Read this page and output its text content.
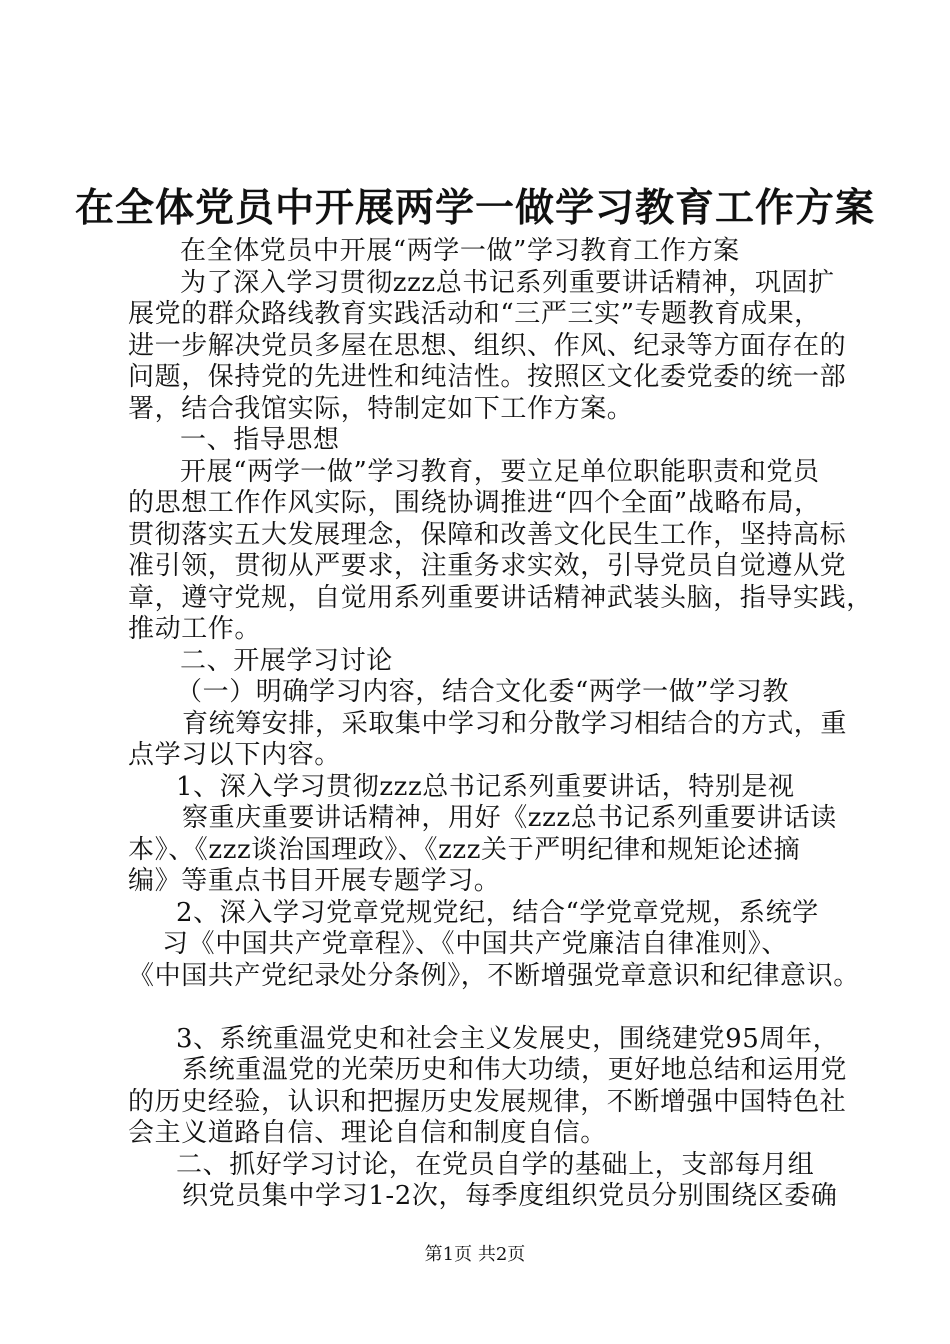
在全体党员中开展两学一做学习教育工作方案
在全体党员中开展“两学一做”学习教育工作方案
为了深入学习贯彻zzz总书记系列重要讲话精神，巩固扩
展党的群众路线教育实践活动和“三严三实”专题教育成果，
进一步解决党员多屋在思想、组织、作风、纪录等方面存在的
问题，保持党的先进性和纯洁性。按照区文化委党委的统一部
署，结合我馆实际，特制定如下工作方案。
一、指导思想
开展“两学一做”学习教育，要立足单位职能职责和党员
的思想工作作风实际，围绕协调推进“四个全面”战略布局，
贯彻落实五大发展理念，保障和改善文化民生工作，坚持高标
准引领，贯彻从严要求，注重务求实效，引导党员自觉遵从党
章，遵守党规，自觉用系列重要讲话精神武装头脑，指导实践，
推动工作。
二、开展学习讨论
（一）明确学习内容，结合文化委“两学一做”学习教
育统筹安排，采取集中学习和分散学习相结合的方式，重
点学习以下内容。
1、深入学习贯彻zzz总书记系列重要讲话，特别是视
察重庆重要讲话精神，用好《zzz总书记系列重要讲话读
本》、《zzz谈治国理政》、《zzz关于严明纪律和规矩论述摘
编》等重点书目开展专题学习。
2、深入学习党章党规党纪，结合“学党章党规，系统学
习《中国共产党章程》、《中国共产党廉洁自律准则》、
《中国共产党纪录处分条例》，不断增强党章意识和纪律意识。
3、系统重温党史和社会主义发展史，围绕建党95周年，
系统重温党的光荣历史和伟大功绩，更好地总结和运用党
的历史经验，认识和把握历史发展规律，不断增强中国特色社
会主义道路自信、理论自信和制度自信。
二、抓好学习讨论，在党员自学的基础上，支部每月组
织党员集中学习1-2次，每季度组织党员分别围绕区委确
第1页 共2页
